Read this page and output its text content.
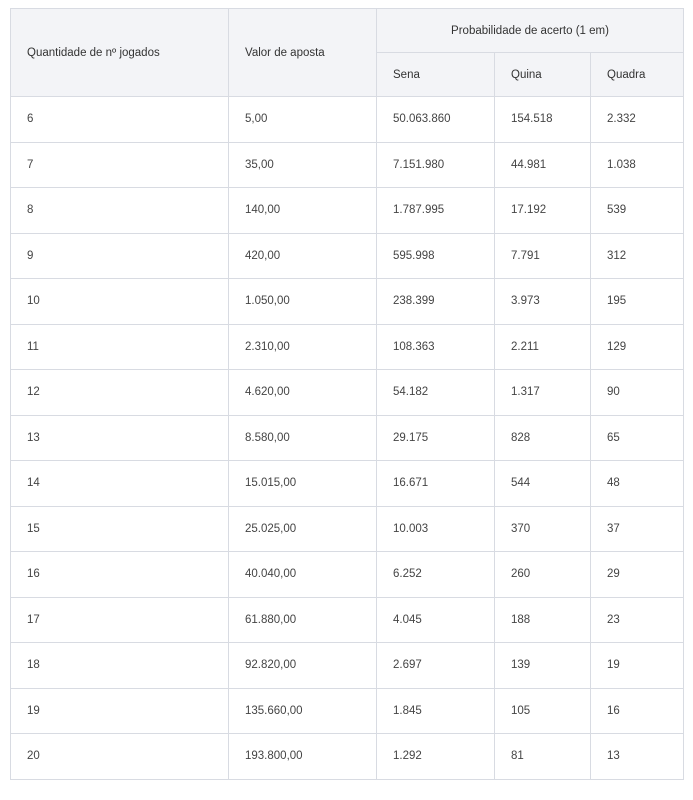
Quantidade de nº jogados	Valor de aposta	Probabilidade de acerto (1 em)		
		Sena	Quina	Quadra
6	5,00	50.063.860	154.518	2.332
7	35,00	7.151.980	44.981	1.038
8	140,00	1.787.995	17.192	539
9	420,00	595.998	7.791	312
10	1.050,00	238.399	3.973	195
11	2.310,00	108.363	2.211	129
12	4.620,00	54.182	1.317	90
13	8.580,00	29.175	828	65
14	15.015,00	16.671	544	48
15	25.025,00	10.003	370	37
16	40.040,00	6.252	260	29
17	61.880,00	4.045	188	23
18	92.820,00	2.697	139	19
19	135.660,00	1.845	105	16
20	193.800,00	1.292	81	13
